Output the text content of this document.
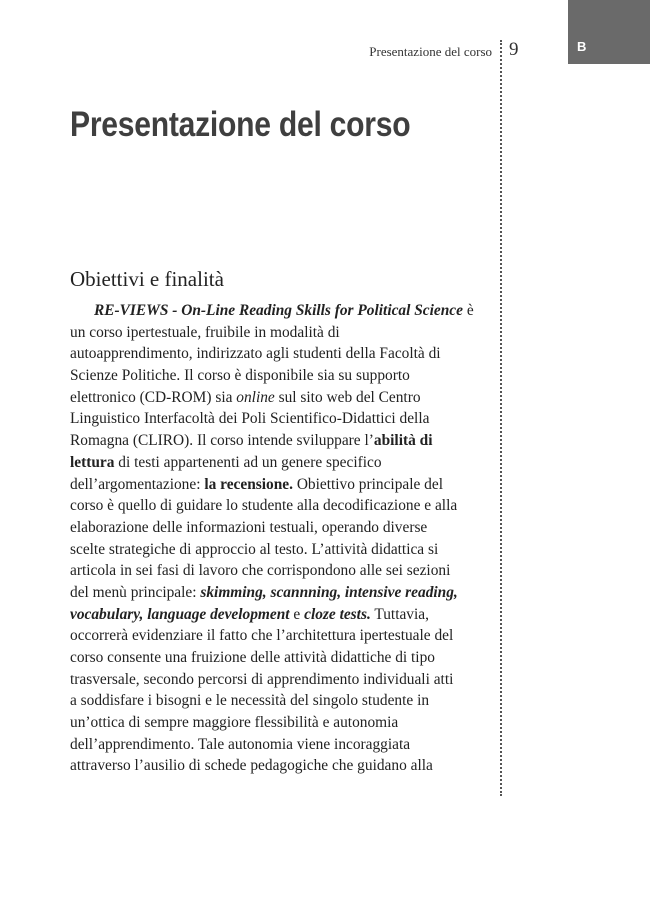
Presentazione del corso 9	B
Presentazione del corso
Obiettivi e finalità
RE-VIEWS - On-Line Reading Skills for Political Science è
un corso ipertestuale, fruibile in modalità di
autoapprendimento, indirizzato agli studenti della Facoltà di
Scienze Politiche. Il corso è disponibile sia su supporto
elettronico (CD-ROM) sia online sul sito web del Centro
Linguistico Interfacoltà dei Poli Scientifico-Didattici della
Romagna (CLIRO). Il corso intende sviluppare l’abilità di
lettura di testi appartenenti ad un genere specifico
dell’argomentazione: la recensione. Obiettivo principale del
corso è quello di guidare lo studente alla decodificazione e alla
elaborazione delle informazioni testuali, operando diverse
scelte strategiche di approccio al testo. L’attività didattica si
articola in sei fasi di lavoro che corrispondono alle sei sezioni
del menù principale: skimming, scannning, intensive reading,
vocabulary, language development e cloze tests. Tuttavia,
occorrerà evidenziare il fatto che l’architettura ipertestuale del
corso consente una fruizione delle attività didattiche di tipo
trasversale, secondo percorsi di apprendimento individuali atti
a soddisfare i bisogni e le necessità del singolo studente in
un’ottica di sempre maggiore flessibilità e autonomia
dell’apprendimento. Tale autonomia viene incoraggiata
attraverso l’ausilio di schede pedagogiche che guidano alla
